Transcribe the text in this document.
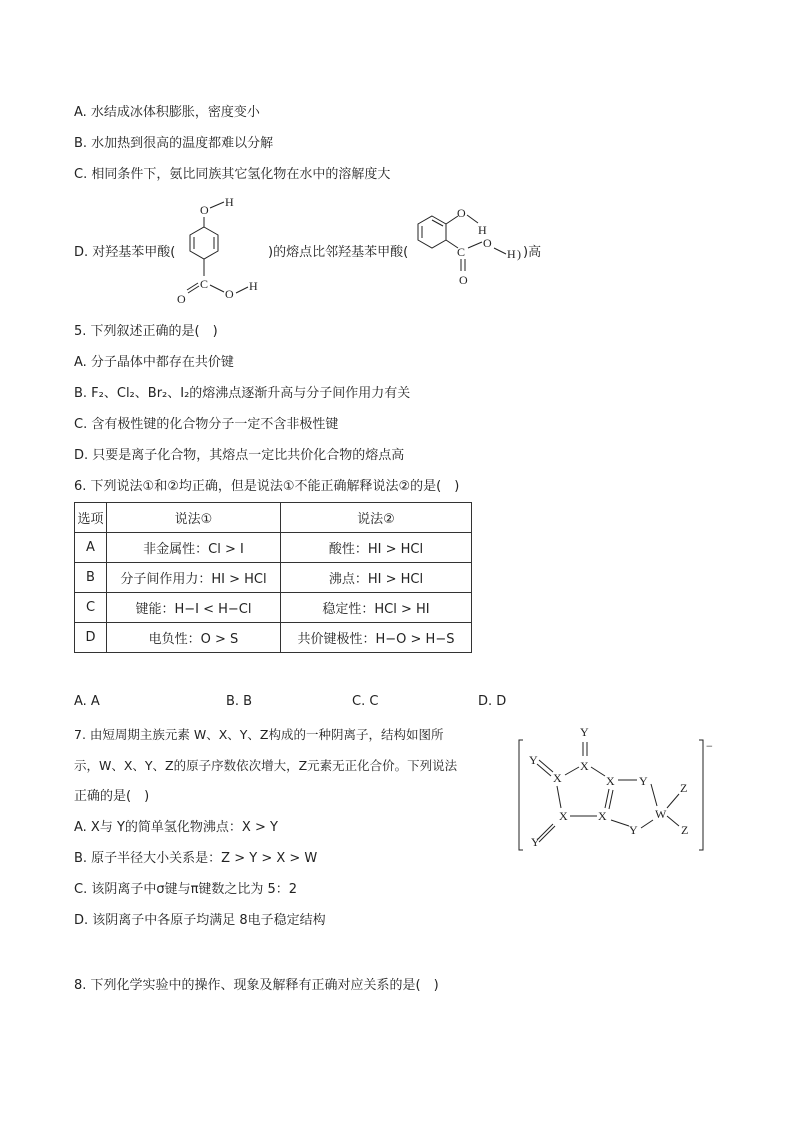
A. 水结成冰体积膨胀，密度变小
B. 水加热到很高的温度都难以分解
C. 相同条件下，氨比同族其它氢化物在水中的溶解度大
D. 对羟基苯甲酸(	)的熔点比邻羟基苯甲酸(	)高
O
H
C
O	O
H
O
H
C
O
O
H )
5. 下列叙述正确的是(　)
A. 分子晶体中都存在共价键
B. F₂、Cl₂、Br₂、I₂的熔沸点逐渐升高与分子间作用力有关
C. 含有极性键的化合物分子一定不含非极性键
D. 只要是离子化合物，其熔点一定比共价化合物的熔点高
6. 下列说法①和②均正确，但是说法①不能正确解释说法②的是(　)
选项	说法①	说法②
A	非金属性：Cl > I	酸性：HI > HCl
B	分子间作用力：HI > HCl	沸点：HI > HCl
C	键能：H−I < H−Cl	稳定性：HCl > HI
D	电负性：O > S	共价键极性：H−O > H−S
A. A	B. B	C. C	D. D
7. 由短周期主族元素 W、X、Y、Z构成的一种阴离子，结构如图所
示，W、X、Y、Z的原子序数依次增大，Z元素无正化合价。下列说法
正确的是(　)
A. X与 Y的简单氢化物沸点：X > Y
B. 原子半径大小关系是：Z > Y > X > W
C. 该阴离子中σ键与π键数之比为 5：2
D. 该阴离子中各原子均满足 8电子稳定结构
−
Y
X
Y
X	X
X
Y
X
Y
Y
W
Z
Z
8. 下列化学实验中的操作、现象及解释有正确对应关系的是(　)
